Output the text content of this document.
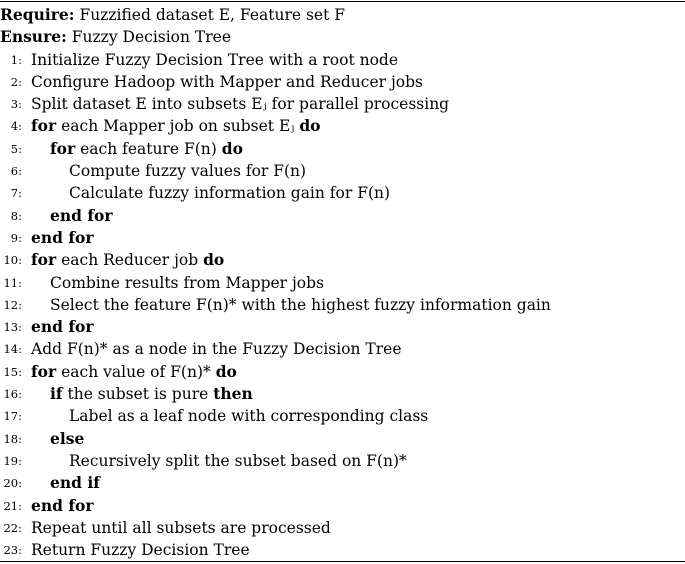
Require: Fuzzified dataset E, Feature set F
Ensure: Fuzzy Decision Tree
1: Initialize Fuzzy Decision Tree with a root node
2: Configure Hadoop with Mapper and Reducer jobs
3: Split dataset E into subsets Eⱼ for parallel processing
4: for each Mapper job on subset Eⱼ do
5: for each feature F(n) do
6:	Compute fuzzy values for F(n)
7:	Calculate fuzzy information gain for F(n)
8: end for
9: end for
10: for each Reducer job do
11: Combine results from Mapper jobs
12: Select the feature F(n)* with the highest fuzzy information gain
13: end for
14: Add F(n)* as a node in the Fuzzy Decision Tree
15: for each value of F(n)* do
16: if the subset is pure then
17:	Label as a leaf node with corresponding class
18: else
19:	Recursively split the subset based on F(n)*
20: end if
21: end for
22: Repeat until all subsets are processed
23: Return Fuzzy Decision Tree
